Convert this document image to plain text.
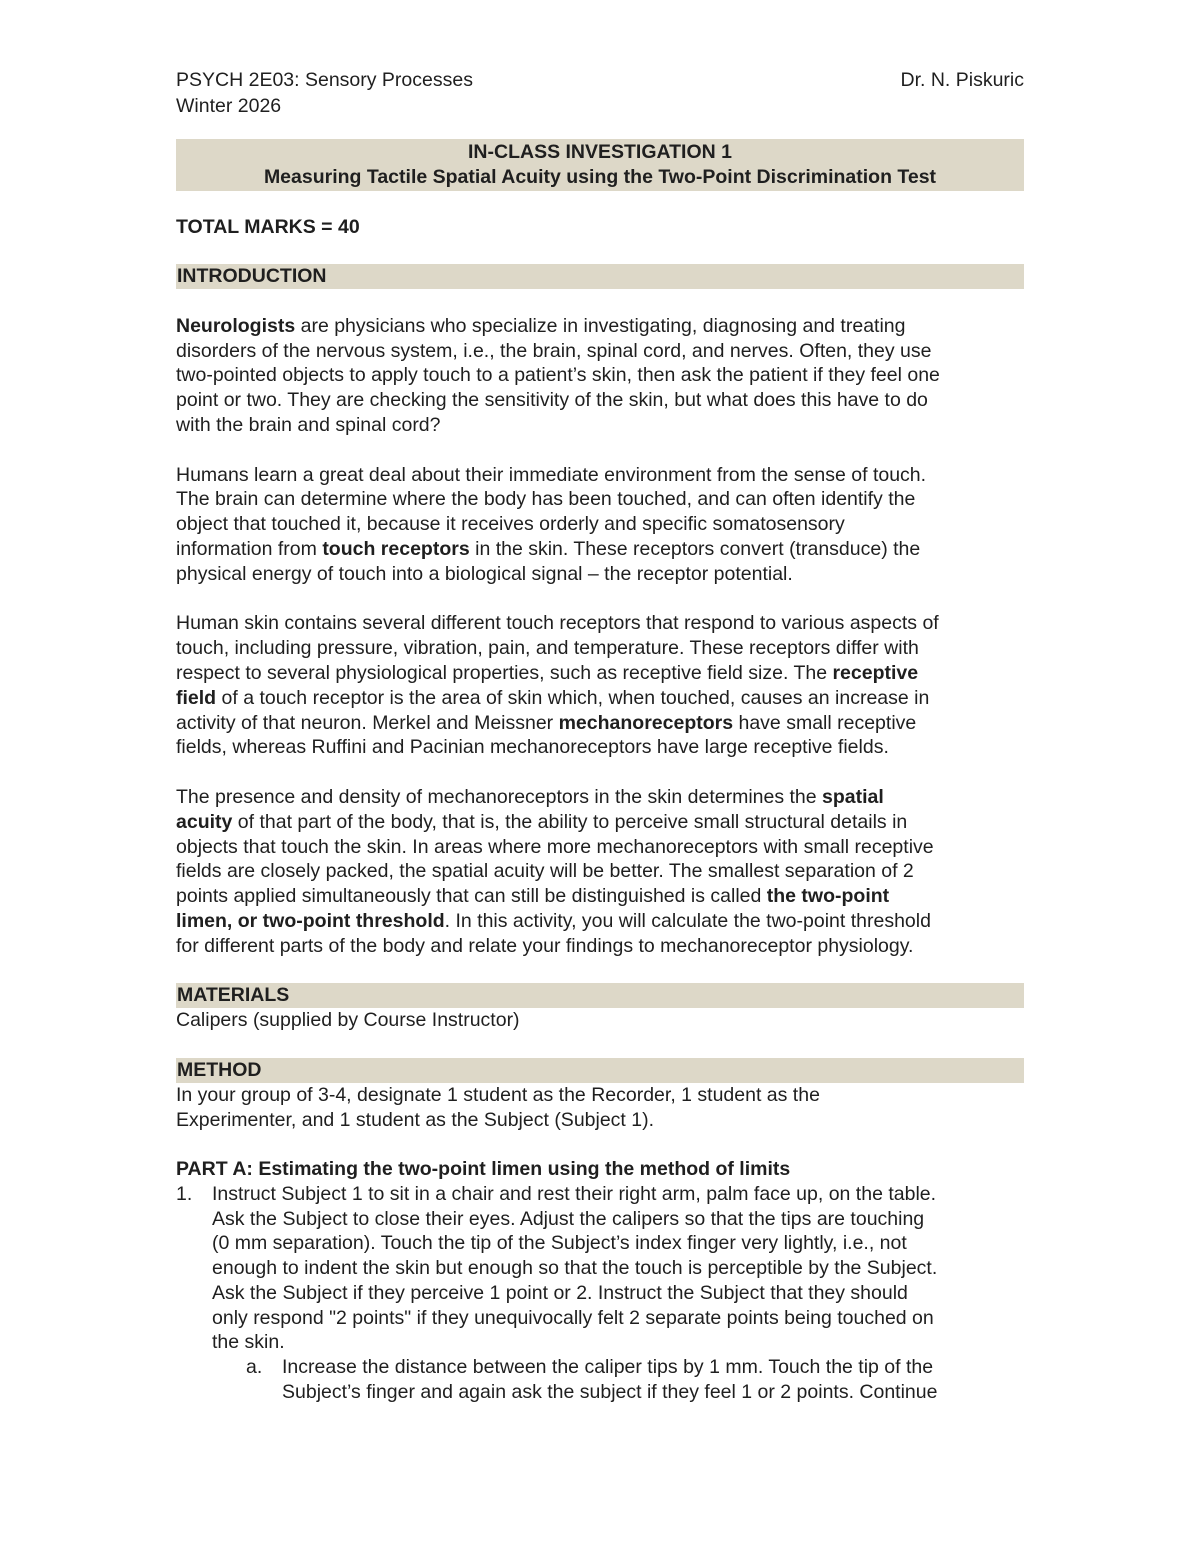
PSYCH 2E03: Sensory Processes	Dr. N. Piskuric
Winter 2026
IN-CLASS INVESTIGATION 1
Measuring Tactile Spatial Acuity using the Two-Point Discrimination Test
TOTAL MARKS = 40
INTRODUCTION
Neurologists are physicians who specialize in investigating, diagnosing and treating
disorders of the nervous system, i.e., the brain, spinal cord, and nerves. Often, they use
two-pointed objects to apply touch to a patient’s skin, then ask the patient if they feel one
point or two. They are checking the sensitivity of the skin, but what does this have to do
with the brain and spinal cord?
Humans learn a great deal about their immediate environment from the sense of touch.
The brain can determine where the body has been touched, and can often identify the
object that touched it, because it receives orderly and specific somatosensory
information from touch receptors in the skin. These receptors convert (transduce) the
physical energy of touch into a biological signal – the receptor potential.
Human skin contains several different touch receptors that respond to various aspects of
touch, including pressure, vibration, pain, and temperature. These receptors differ with
respect to several physiological properties, such as receptive field size. The receptive
field of a touch receptor is the area of skin which, when touched, causes an increase in
activity of that neuron. Merkel and Meissner mechanoreceptors have small receptive
fields, whereas Ruffini and Pacinian mechanoreceptors have large receptive fields.
The presence and density of mechanoreceptors in the skin determines the spatial
acuity of that part of the body, that is, the ability to perceive small structural details in
objects that touch the skin. In areas where more mechanoreceptors with small receptive
fields are closely packed, the spatial acuity will be better. The smallest separation of 2
points applied simultaneously that can still be distinguished is called the two-point
limen, or two-point threshold. In this activity, you will calculate the two-point threshold
for different parts of the body and relate your findings to mechanoreceptor physiology.
MATERIALS
Calipers (supplied by Course Instructor)
METHOD
In your group of 3-4, designate 1 student as the Recorder, 1 student as the
Experimenter, and 1 student as the Subject (Subject 1).
PART A: Estimating the two-point limen using the method of limits
1. Instruct Subject 1 to sit in a chair and rest their right arm, palm face up, on the table.
Ask the Subject to close their eyes. Adjust the calipers so that the tips are touching
(0 mm separation). Touch the tip of the Subject’s index finger very lightly, i.e., not
enough to indent the skin but enough so that the touch is perceptible by the Subject.
Ask the Subject if they perceive 1 point or 2. Instruct the Subject that they should
only respond "2 points" if they unequivocally felt 2 separate points being touched on
the skin.
a. Increase the distance between the caliper tips by 1 mm. Touch the tip of the
Subject’s finger and again ask the subject if they feel 1 or 2 points. Continue
